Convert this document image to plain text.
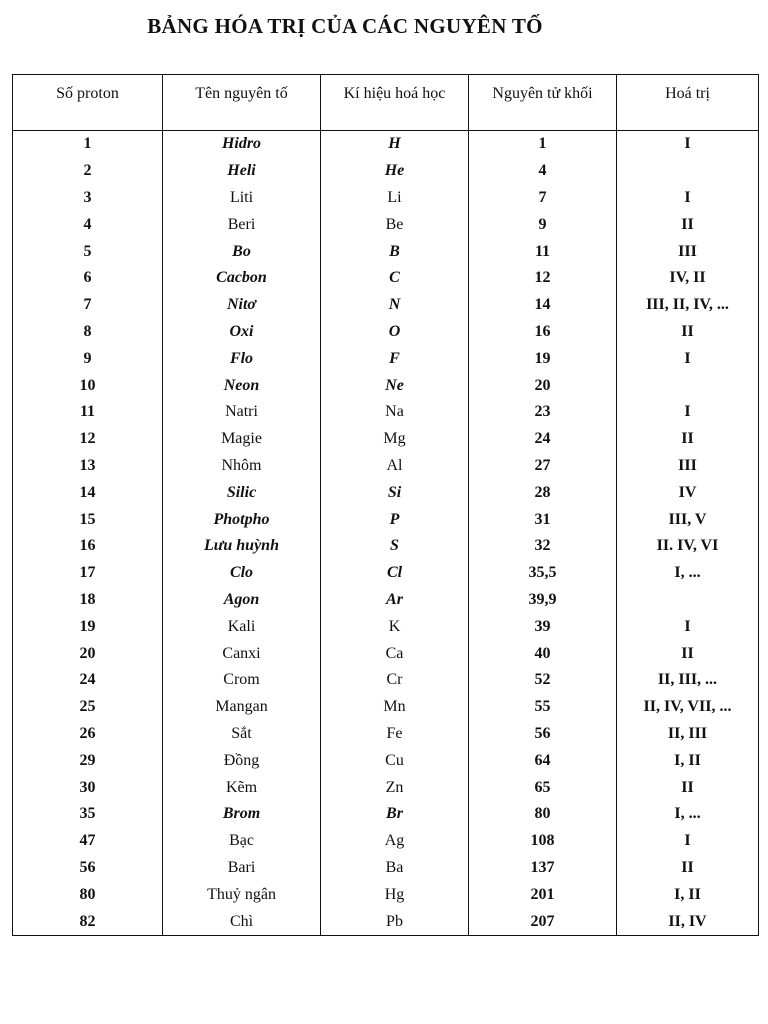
BẢNG HÓA TRỊ CỦA CÁC NGUYÊN TỐ
Số proton	Tên nguyên tố	Kí hiệu hoá học	Nguyên tử khối	Hoá trị
1	Hidro	H	1	I
2	Heli	He	4	
3	Liti	Li	7	I
4	Beri	Be	9	II
5	Bo	B	11	III
6	Cacbon	C	12	IV, II
7	Nitơ	N	14	III, II, IV, ...
8	Oxi	O	16	II
9	Flo	F	19	I
10	Neon	Ne	20	
11	Natri	Na	23	I
12	Magie	Mg	24	II
13	Nhôm	Al	27	III
14	Silic	Si	28	IV
15	Photpho	P	31	III, V
16	Lưu huỳnh	S	32	II. IV, VI
17	Clo	Cl	35,5	I, ...
18	Agon	Ar	39,9	
19	Kali	K	39	I
20	Canxi	Ca	40	II
24	Crom	Cr	52	II, III, ...
25	Mangan	Mn	55	II, IV, VII, ...
26	Sắt	Fe	56	II, III
29	Đồng	Cu	64	I, II
30	Kẽm	Zn	65	II
35	Brom	Br	80	I, ...
47	Bạc	Ag	108	I
56	Bari	Ba	137	II
80	Thuỷ ngân	Hg	201	I, II
82	Chì	Pb	207	II, IV
